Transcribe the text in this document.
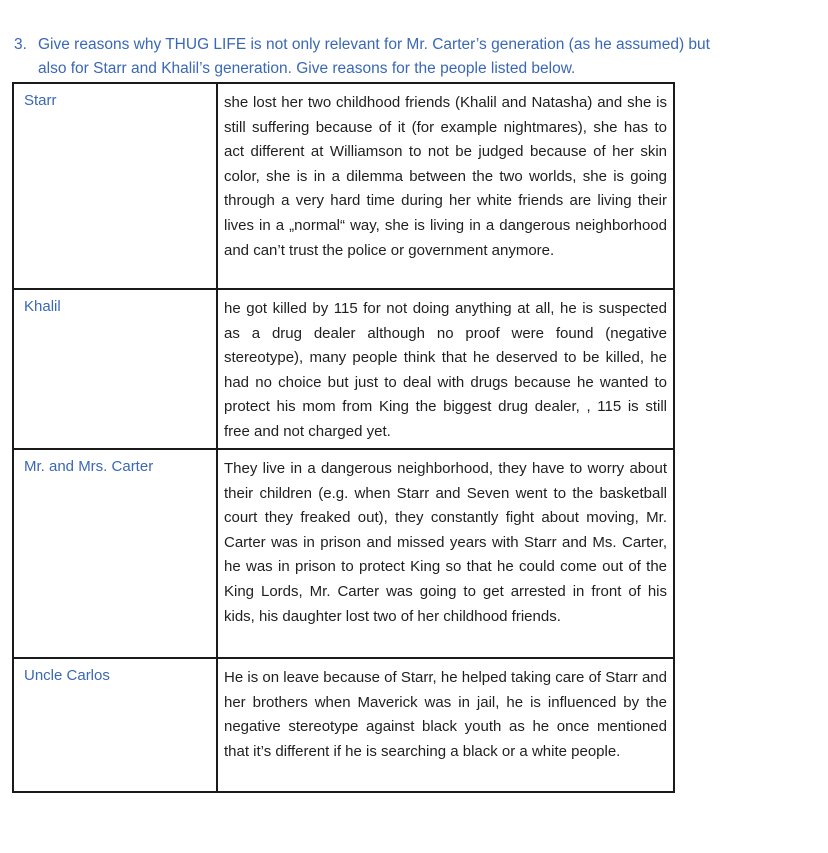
3. Give reasons why THUG LIFE is not only relevant for Mr. Carter’s generation (as he assumed) but
also for Starr and Khalil’s generation. Give reasons for the people listed below.
Starr	she lost her two childhood friends (Khalil and Natasha) and she is still suffering because of it (for example nightmares), she has to act different at Williamson to not be judged because of her skin color, she is in a dilemma between the two worlds, she is going through a very hard time during her white friends are living their lives in a „normal“ way, she is living in a dangerous neighborhood and can’t trust the police or government anymore.
Khalil	he got killed by 115 for not doing anything at all, he is suspected as a drug dealer although no proof were found (negative stereotype), many people think that he deserved to be killed, he had no choice but just to deal with drugs because he wanted to protect his mom from King the biggest drug dealer, , 115 is still free and not charged yet.
Mr. and Mrs. Carter	They live in a dangerous neighborhood, they have to worry about their children (e.g. when Starr and Seven went to the basketball court they freaked out), they constantly fight about moving, Mr. Carter was in prison and missed years with Starr and Ms. Carter, he was in prison to protect King so that he could come out of the King Lords, Mr. Carter was going to get arrested in front of his kids, his daughter lost two of her childhood friends.
Uncle Carlos	He is on leave because of Starr, he helped taking care of Starr and her brothers when Maverick was in jail, he is influenced by the negative stereotype against black youth as he once mentioned that it’s different if he is searching a black or a white people.
